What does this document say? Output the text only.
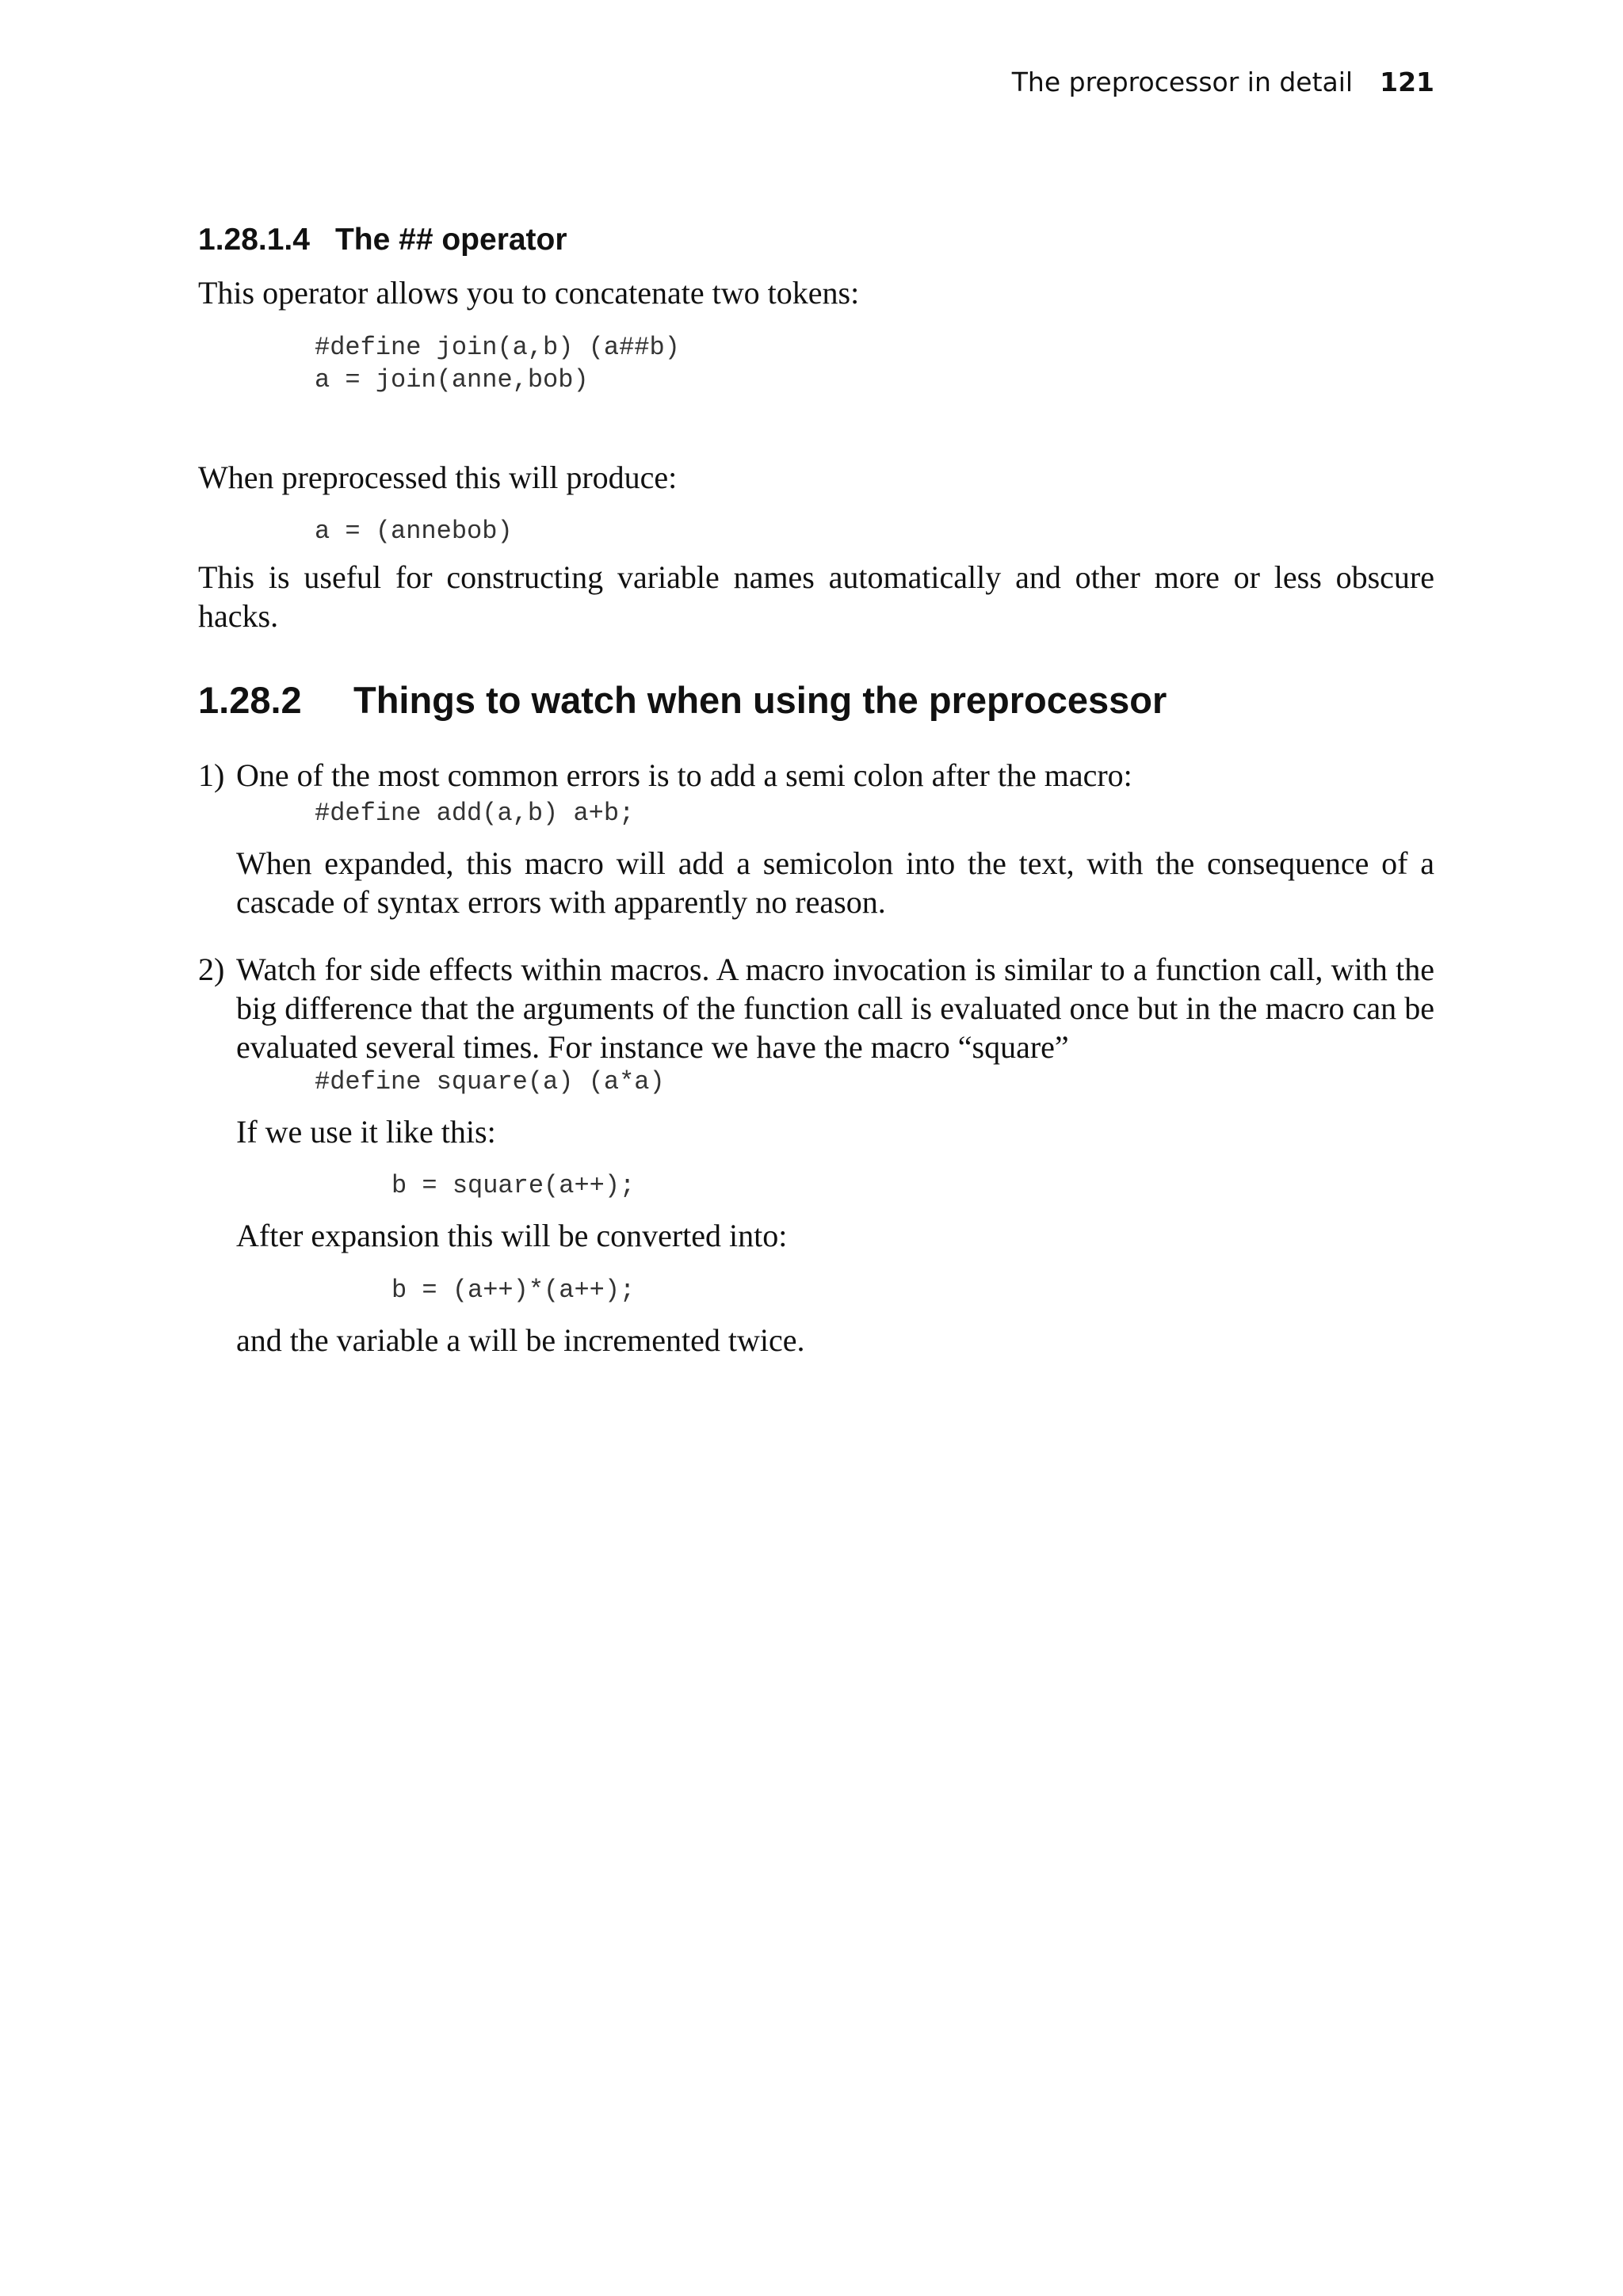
The preprocessor in detail 121
1.28.1.4 The ## operator
This operator allows you to concatenate two tokens:
#define join(a,b) (a##b)
a = join(anne,bob)
When preprocessed this will produce:
a = (annebob)
This is useful for constructing variable names automatically and other more or less obscure hacks.
1.28.2 Things to watch when using the preprocessor
1) One of the most common errors is to add a semi colon after the macro:
#define add(a,b) a+b;
When expanded, this macro will add a semicolon into the text, with the consequence of a cascade of syntax errors with apparently no reason.
2) Watch for side effects within macros. A macro invocation is similar to a function call, with the big difference that the arguments of the function call is evaluated once but in the macro can be evaluated several times. For instance we have the macro “square”
#define square(a) (a*a)
If we use it like this:
b = square(a++);
After expansion this will be converted into:
b = (a++)*(a++);
and the variable a will be incremented twice.
